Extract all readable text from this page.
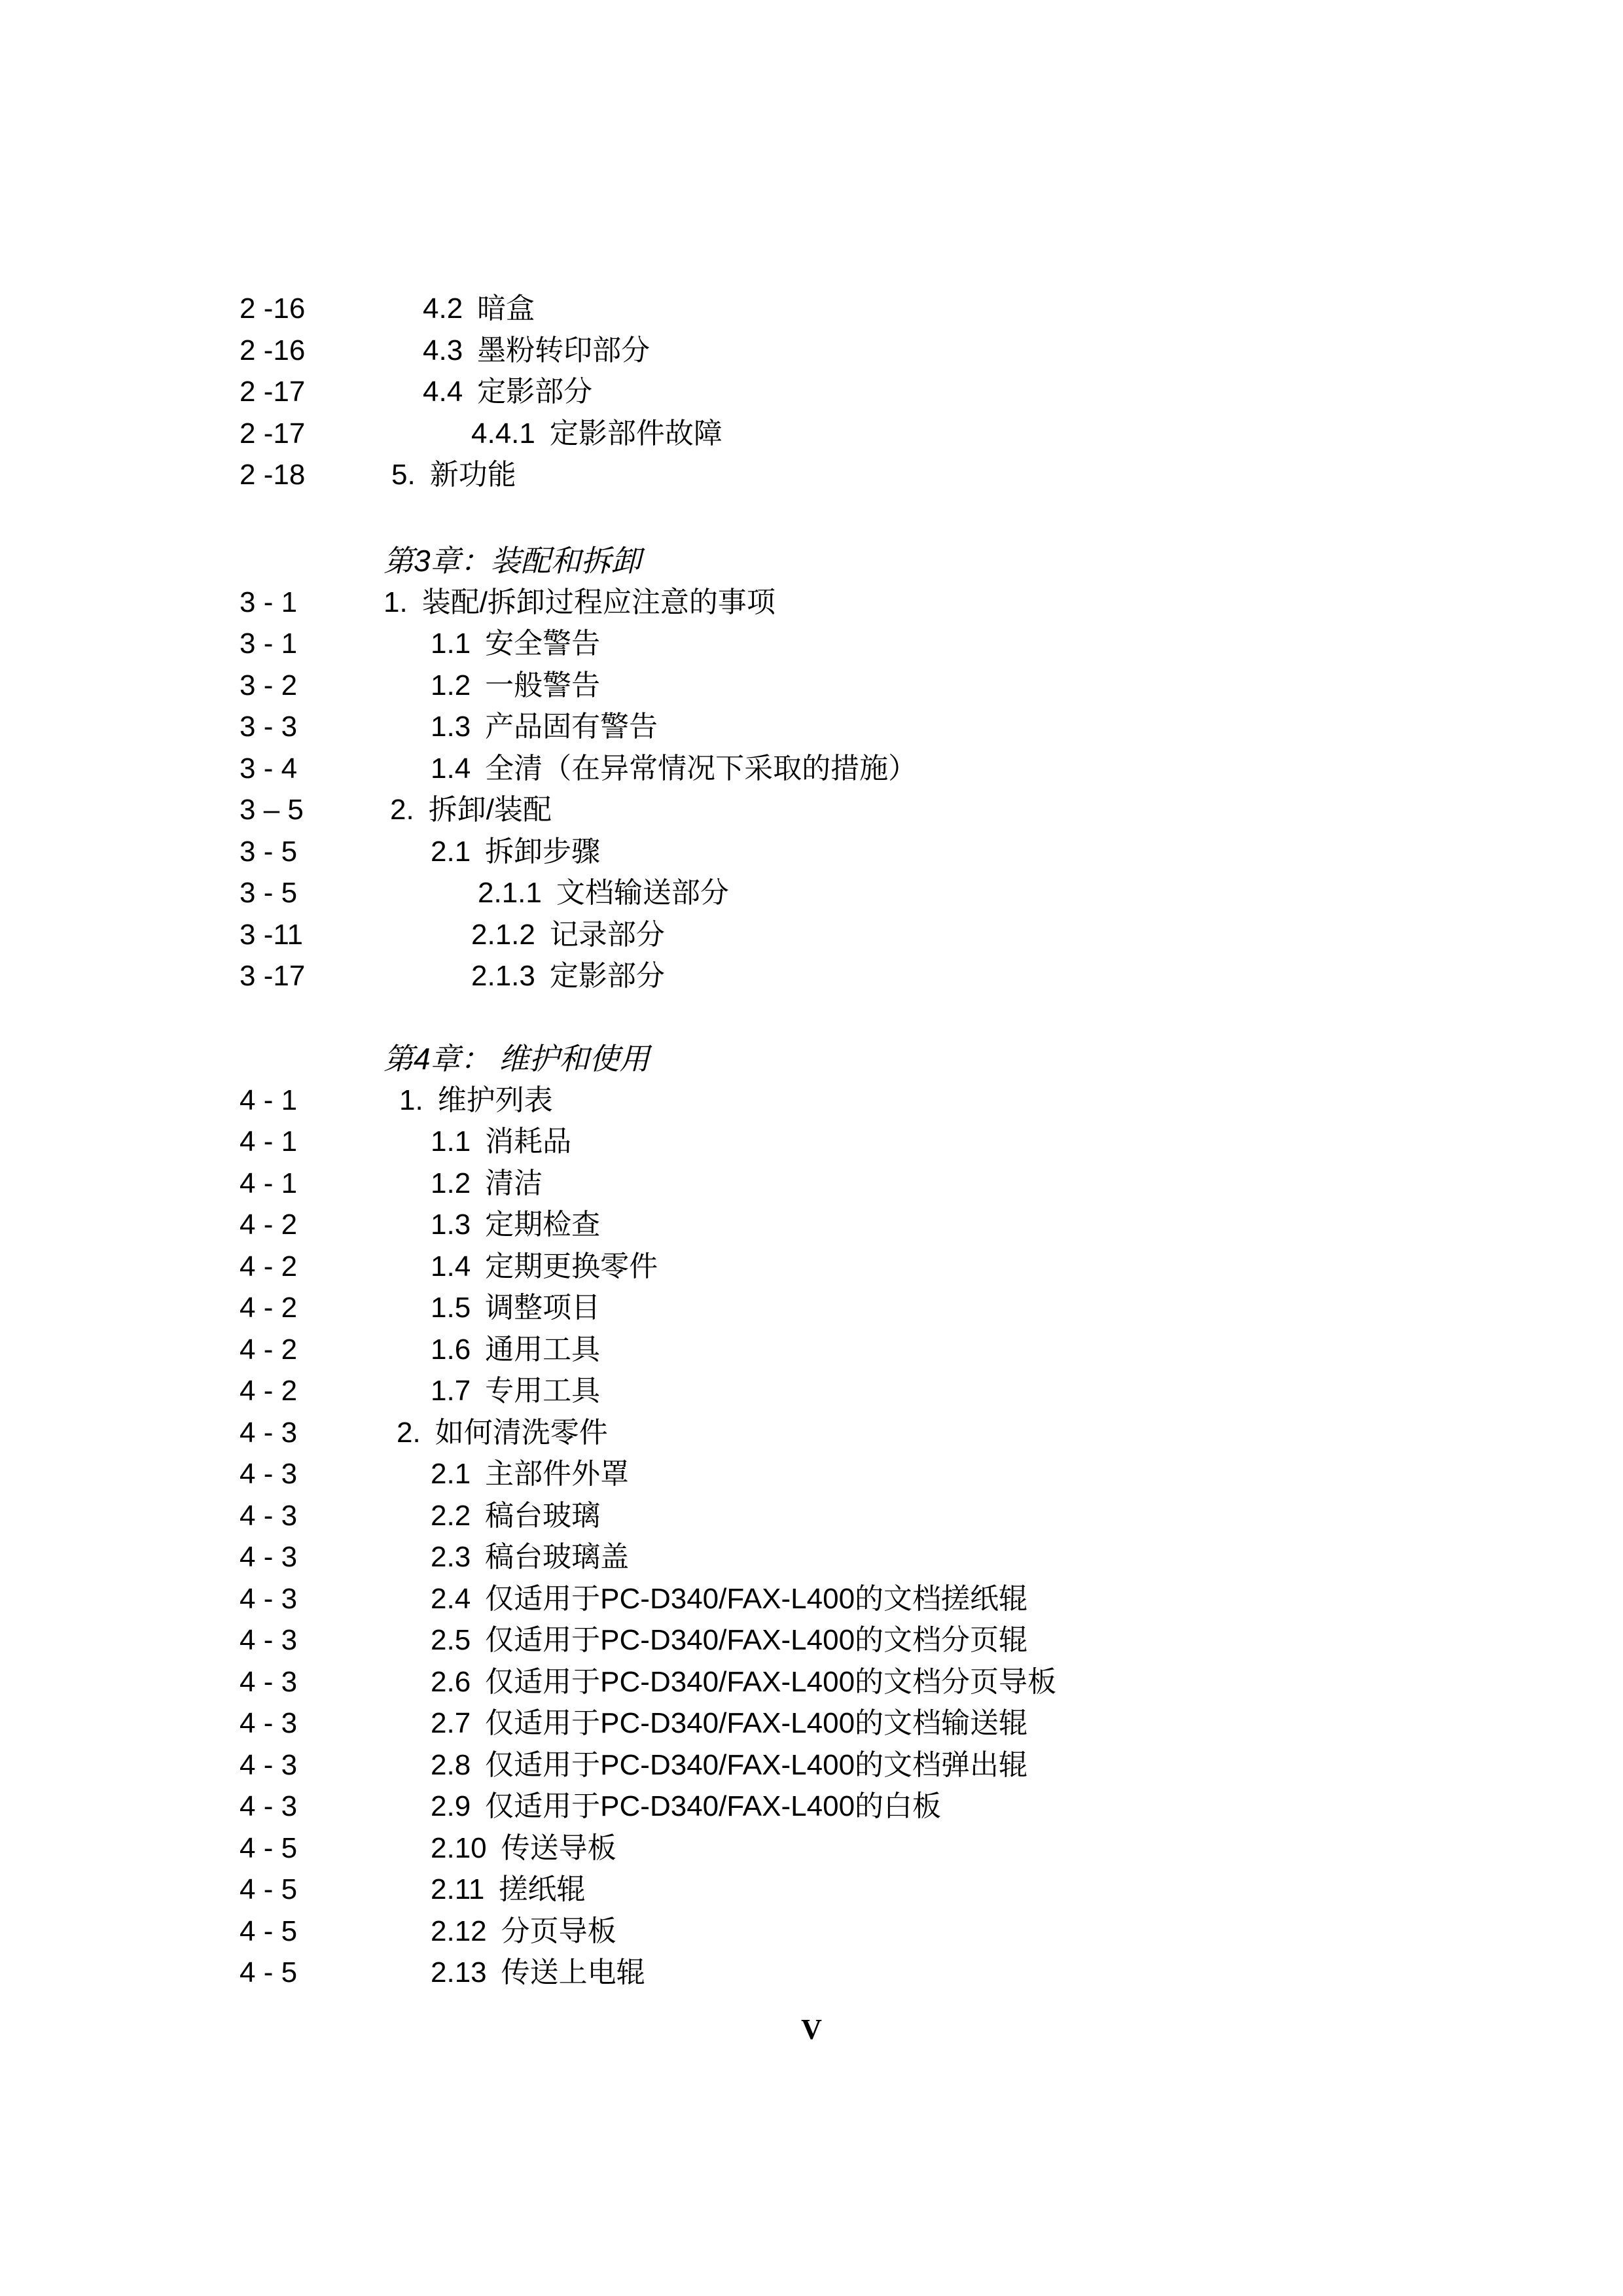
2 -16	4.2 暗盒
2 -16	4.3 墨粉转印部分
2 -17	4.4 定影部分
2 -17	4.4.1 定影部件故障
2 -18	5. 新功能
第3章：装配和拆卸
3 - 1	1. 装配/拆卸过程应注意的事项
3 - 1	1.1 安全警告
3 - 2	1.2 一般警告
3 - 3	1.3 产品固有警告
3 - 4	1.4 全清（在异常情况下采取的措施）
3 – 5	2. 拆卸/装配
3 - 5	2.1 拆卸步骤
3 - 5	2.1.1 文档输送部分
3 -11	2.1.2 记录部分
3 -17	2.1.3 定影部分
第4章： 维护和使用
4 - 1	1. 维护列表
4 - 1	1.1 消耗品
4 - 1	1.2 清洁
4 - 2	1.3 定期检查
4 - 2	1.4 定期更换零件
4 - 2	1.5 调整项目
4 - 2	1.6 通用工具
4 - 2	1.7 专用工具
4 - 3	2. 如何清洗零件
4 - 3	2.1 主部件外罩
4 - 3	2.2 稿台玻璃
4 - 3	2.3 稿台玻璃盖
4 - 3	2.4 仅适用于PC-D340/FAX-L400的文档搓纸辊
4 - 3	2.5 仅适用于PC-D340/FAX-L400的文档分页辊
4 - 3	2.6 仅适用于PC-D340/FAX-L400的文档分页导板
4 - 3	2.7 仅适用于PC-D340/FAX-L400的文档输送辊
4 - 3	2.8 仅适用于PC-D340/FAX-L400的文档弹出辊
4 - 3	2.9 仅适用于PC-D340/FAX-L400的白板
4 - 5	2.10 传送导板
4 - 5	2.11 搓纸辊
4 - 5	2.12 分页导板
4 - 5	2.13 传送上电辊
V
